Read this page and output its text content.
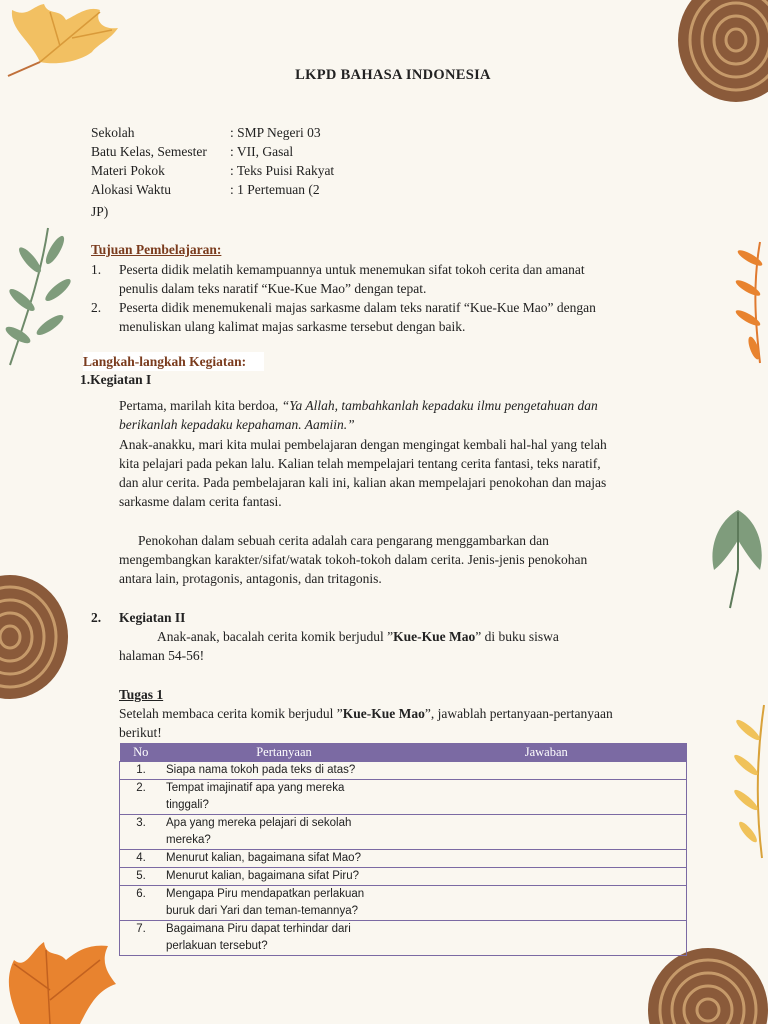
LKPD BAHASA INDONESIA
Sekolah	: SMP Negeri 03
Batu Kelas, Semester : VII, Gasal
Materi Pokok	: Teks Puisi Rakyat
Alokasi Waktu	: 1 Pertemuan (2
JP)
Tujuan Pembelajaran:
1. Peserta didik melatih kemampuannya untuk menemukan sifat tokoh cerita dan amanat
penulis dalam teks naratif “Kue-Kue Mao” dengan tepat.
2. Peserta didik menemukenali majas sarkasme dalam teks naratif “Kue-Kue Mao” dengan
menuliskan ulang kalimat majas sarkasme tersebut dengan baik.
Langkah-langkah Kegiatan:
1.Kegiatan I
Pertama, marilah kita berdoa, “Ya Allah, tambahkanlah kepadaku ilmu pengetahuan dan
berikanlah kepadaku kepahaman. Aamiin.”
Anak-anakku, mari kita mulai pembelajaran dengan mengingat kembali hal-hal yang telah
kita pelajari pada pekan lalu. Kalian telah mempelajari tentang cerita fantasi, teks naratif,
dan alur cerita. Pada pembelajaran kali ini, kalian akan mempelajari penokohan dan majas
sarkasme dalam cerita fantasi.
Penokohan dalam sebuah cerita adalah cara pengarang menggambarkan dan
mengembangkan karakter/sifat/watak tokoh-tokoh dalam cerita. Jenis-jenis penokohan
antara lain, protagonis, antagonis, dan tritagonis.
2. Kegiatan II
Anak-anak, bacalah cerita komik berjudul ”Kue-Kue Mao” di buku siswa
halaman 54-56!
Tugas 1
Setelah membaca cerita komik berjudul ”Kue-Kue Mao”, jawablah pertanyaan-pertanyaan
berikut!
No	Pertanyaan	Jawaban
1.	Siapa nama tokoh pada teks di atas?	

2.	Tempat imajinatif apa yang mereka
tinggali?	

3.	Apa yang mereka pelajari di sekolah
mereka?	

4.	Menurut kalian, bagaimana sifat Mao?	

5.	Menurut kalian, bagaimana sifat Piru?	

6.	Mengapa Piru mendapatkan perlakuan
buruk dari Yari dan teman-temannya?	

7.	Bagaimana Piru dapat terhindar dari
perlakuan tersebut?	
